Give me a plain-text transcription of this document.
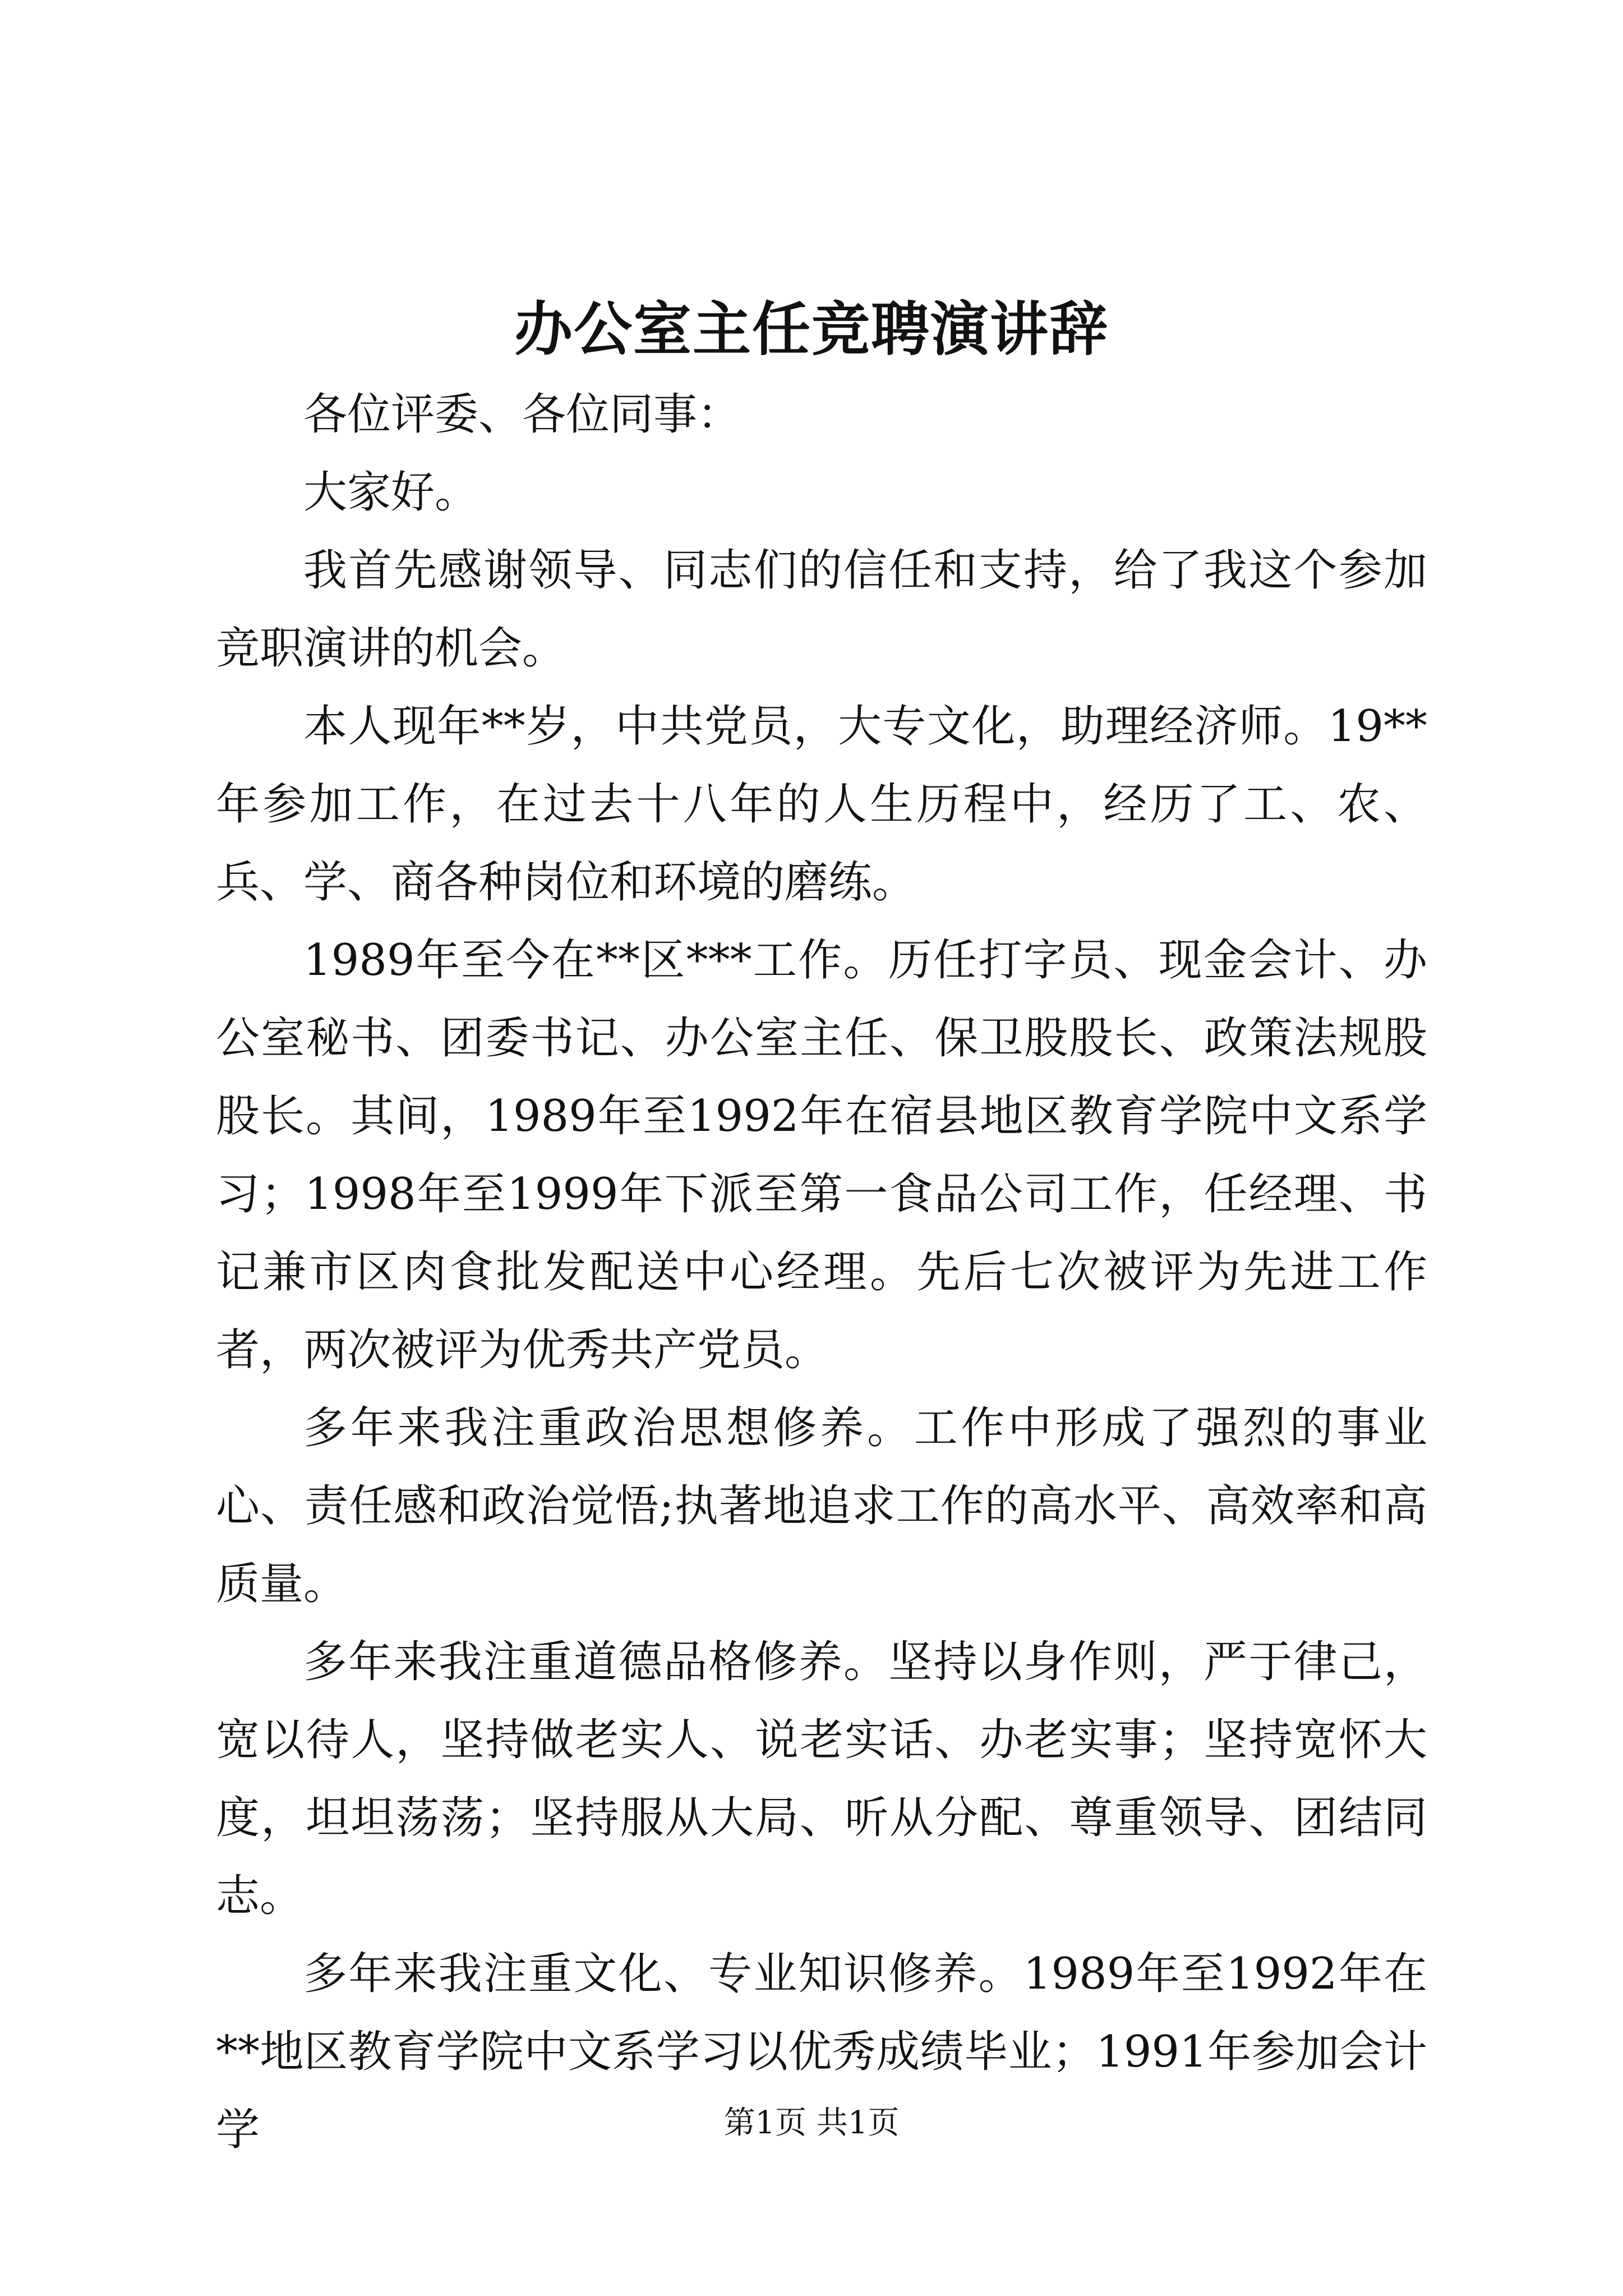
办公室主任竞聘演讲辞

各位评委、各位同事：

大家好。

我首先感谢领导、同志们的信任和支持，给了我这个参加竞职演讲的机会。

本人现年**岁，中共党员，大专文化，助理经济师。19**年参加工作，在过去十八年的人生历程中，经历了工、农、兵、学、商各种岗位和环境的磨练。

1989年至今在**区***工作。历任打字员、现金会计、办公室秘书、团委书记、办公室主任、保卫股股长、政策法规股股长。其间，1989年至1992年在宿县地区教育学院中文系学习；1998年至1999年下派至第一食品公司工作，任经理、书记兼市区肉食批发配送中心经理。先后七次被评为先进工作者，两次被评为优秀共产党员。

多年来我注重政治思想修养。工作中形成了强烈的事业心、责任感和政治觉悟;执著地追求工作的高水平、高效率和高质量。

多年来我注重道德品格修养。坚持以身作则，严于律己，宽以待人，坚持做老实人、说老实话、办老实事；坚持宽怀大度，坦坦荡荡；坚持服从大局、听从分配、尊重领导、团结同志。

多年来我注重文化、专业知识修养。1989年至1992年在**地区教育学院中文系学习以优秀成绩毕业；1991年参加会计学	第1页 共1页
